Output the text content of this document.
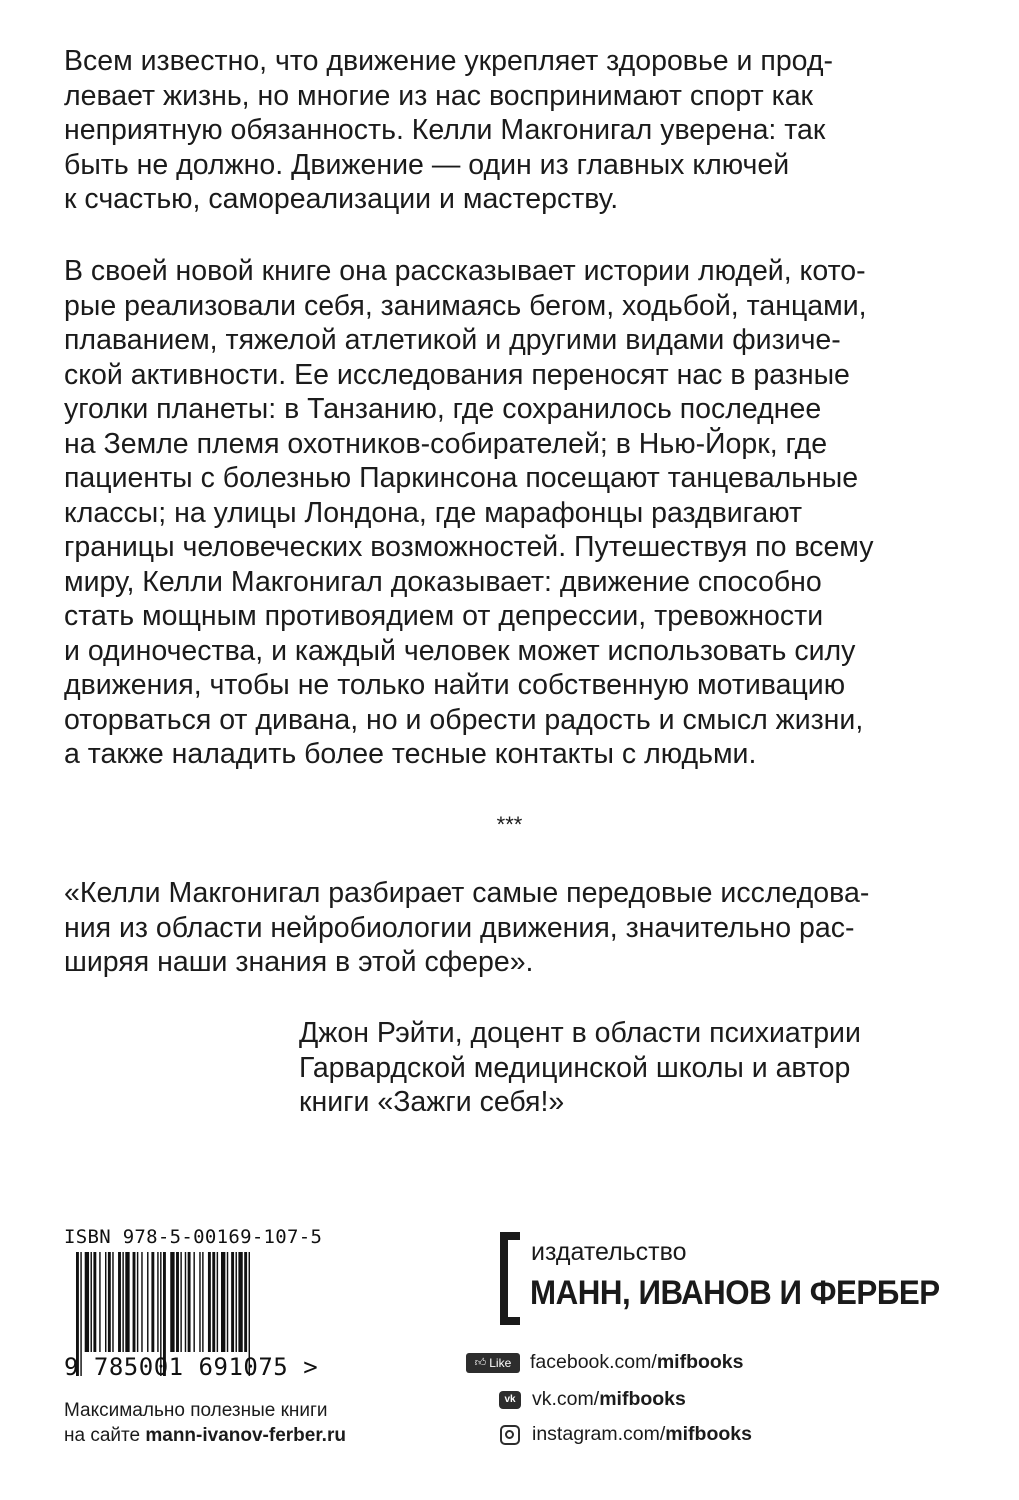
Всем известно, что движение укрепляет здоровье и прод-
левает жизнь, но многие из нас воспринимают спорт как
неприятную обязанность. Келли Макгонигал уверена: так
быть не должно. Движение — один из главных ключей
к счастью, самореализации и мастерству.
В своей новой книге она рассказывает истории людей, кото-
рые реализовали себя, занимаясь бегом, ходьбой, танцами,
плаванием, тяжелой атлетикой и другими видами физиче-
ской активности. Ее исследования переносят нас в разные
уголки планеты: в Танзанию, где сохранилось последнее
на Земле племя охотников-собирателей; в Нью-Йорк, где
пациенты с болезнью Паркинсона посещают танцевальные
классы; на улицы Лондона, где марафонцы раздвигают
границы человеческих возможностей. Путешествуя по всему
миру, Келли Макгонигал доказывает: движение способно
стать мощным противоядием от депрессии, тревожности
и одиночества, и каждый человек может использовать силу
движения, чтобы не только найти собственную мотивацию
оторваться от дивана, но и обрести радость и смысл жизни,
а также наладить более тесные контакты с людьми.
***
«Келли Макгонигал разбирает самые передовые исследова-
ния из области нейробиологии движения, значительно рас-
ширяя наши знания в этой сфере».
Джон Рэйти, доцент в области психиатрии
Гарвардской медицинской школы и автор
книги «Зажги себя!»
ISBN 978-5-00169-107-5
9 785001 691075 >
Максимально полезные книги
на сайте mann-ivanov-ferber.ru
издательство
МАНН, ИВАНОВ И ФЕРБЕР
👍︎ Like facebook.com/ mifbooks
vk vk.com/ mifbooks
instagram.com/ mifbooks
